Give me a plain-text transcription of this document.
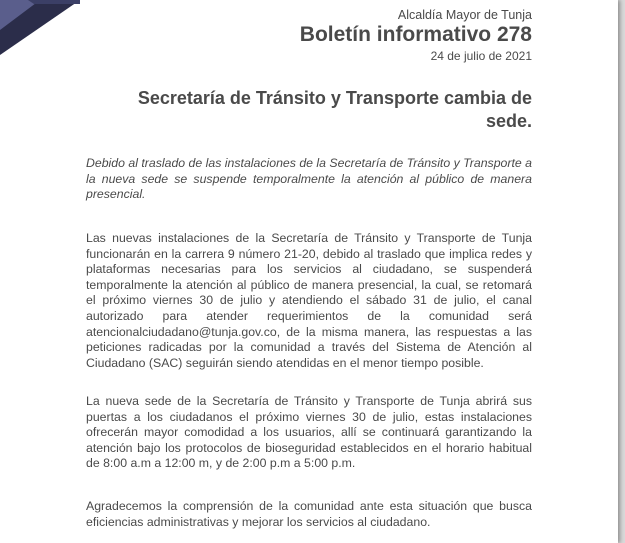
Alcaldía Mayor de Tunja
Boletín informativo 278
24 de julio de 2021
Secretaría de Tránsito y Transporte cambia de sede.
Debido al traslado de las instalaciones de la Secretaría de Tránsito y Transporte a la nueva sede se suspende temporalmente la atención al público de manera presencial.
Las nuevas instalaciones de la Secretaría de Tránsito y Transporte de Tunja funcionarán en la carrera 9 número 21-20, debido al traslado que implica redes y plataformas necesarias para los servicios al ciudadano, se suspenderá temporalmente la atención al público de manera presencial, la cual, se retomará el próximo viernes 30 de julio y atendiendo el sábado 31 de julio, el canal autorizado para atender requerimientos de la comunidad será atencionalciudadano@tunja.gov.co, de la misma manera, las respuestas a las peticiones radicadas por la comunidad a través del Sistema de Atención al Ciudadano (SAC) seguirán siendo atendidas en el menor tiempo posible.
La nueva sede de la Secretaría de Tránsito y Transporte de Tunja abrirá sus puertas a los ciudadanos el próximo viernes 30 de julio, estas instalaciones ofrecerán mayor comodidad a los usuarios, allí se continuará garantizando la atención bajo los protocolos de bioseguridad establecidos en el horario habitual de 8:00 a.m a 12:00 m, y de 2:00 p.m a 5:00 p.m.
Agradecemos la comprensión de la comunidad ante esta situación que busca eficiencias administrativas y mejorar los servicios al ciudadano.
